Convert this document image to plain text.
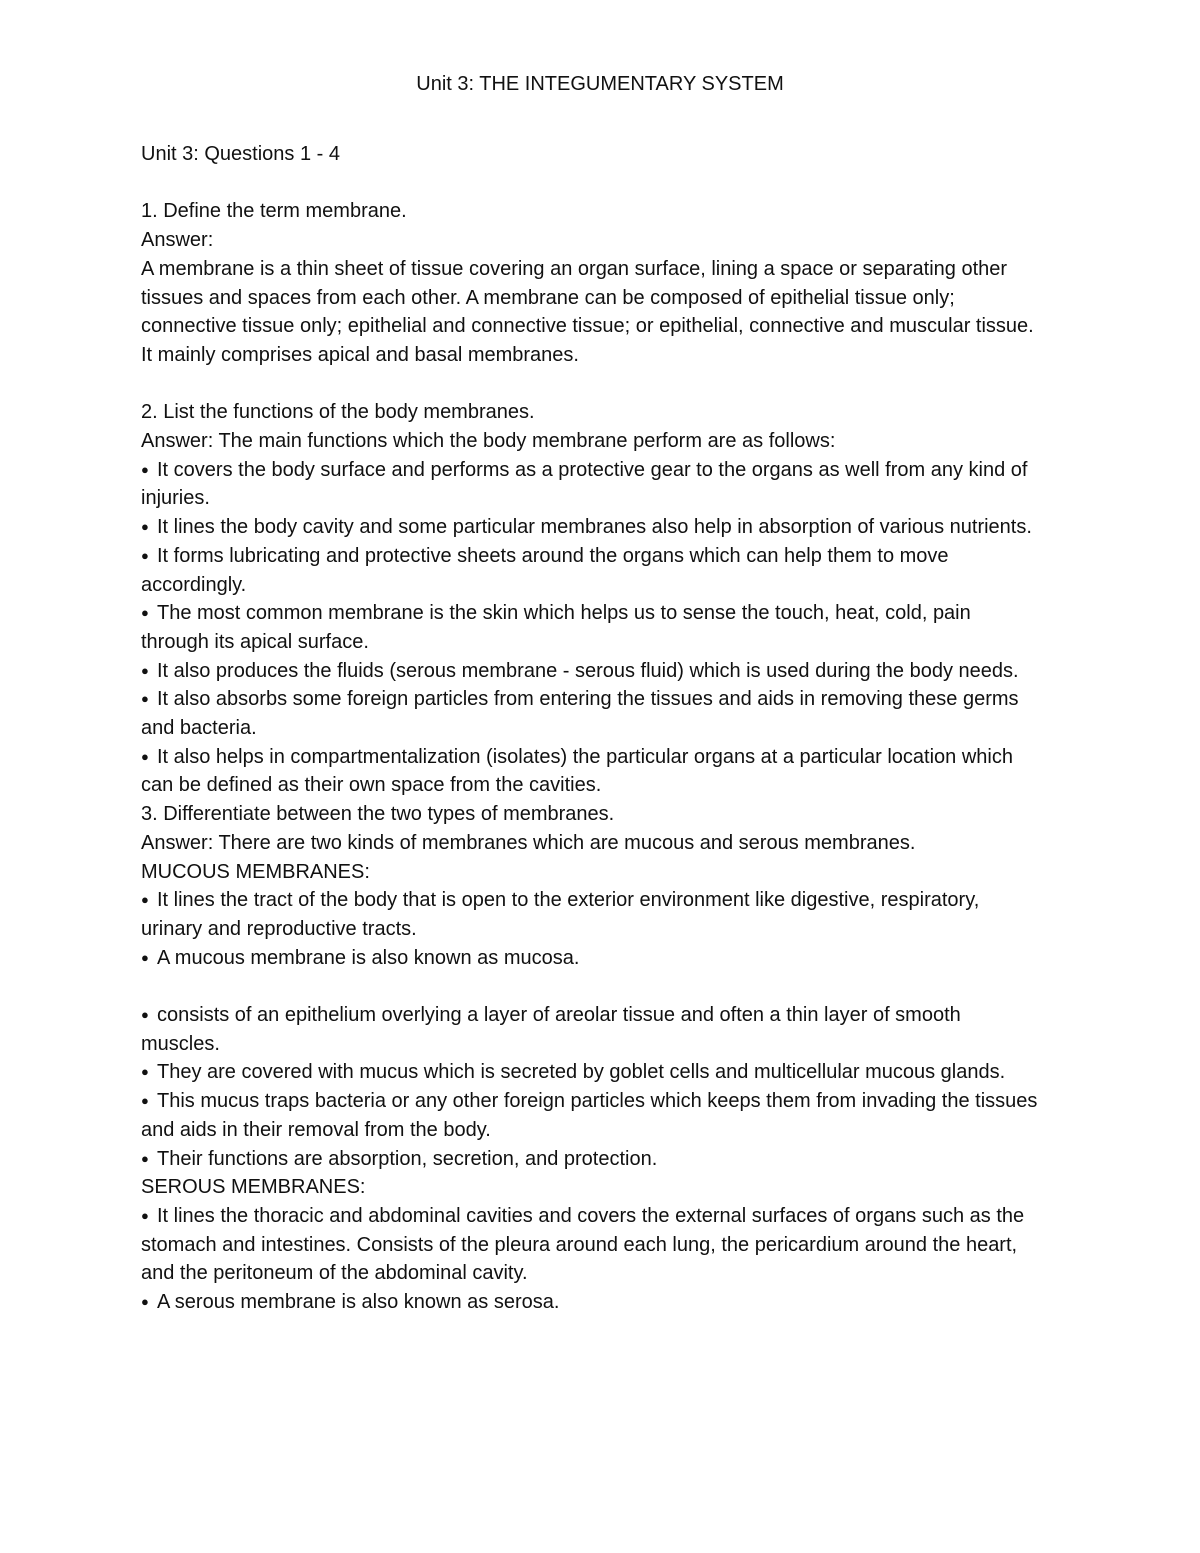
Unit 3: THE INTEGUMENTARY SYSTEM
Unit 3: Questions 1 - 4
1. Define the term membrane.
Answer:
A membrane is a thin sheet of tissue covering an organ surface, lining a space or separating other tissues and spaces from each other. A membrane can be composed of epithelial tissue only; connective tissue only; epithelial and connective tissue; or epithelial, connective and muscular tissue. It mainly comprises apical and basal membranes.
2. List the functions of the body membranes.
Answer: The main functions which the body membrane perform are as follows:
● It covers the body surface and performs as a protective gear to the organs as well from any kind of injuries.
● It lines the body cavity and some particular membranes also help in absorption of various nutrients.
● It forms lubricating and protective sheets around the organs which can help them to move accordingly.
● The most common membrane is the skin which helps us to sense the touch, heat, cold, pain through its apical surface.
● It also produces the fluids (serous membrane - serous fluid) which is used during the body needs.
● It also absorbs some foreign particles from entering the tissues and aids in removing these germs and bacteria.
● It also helps in compartmentalization (isolates) the particular organs at a particular location which can be defined as their own space from the cavities.
3. Differentiate between the two types of membranes.
Answer: There are two kinds of membranes which are mucous and serous membranes.
MUCOUS MEMBRANES:
● It lines the tract of the body that is open to the exterior environment like digestive, respiratory, urinary and reproductive tracts.
● A mucous membrane is also known as mucosa.
● consists of an epithelium overlying a layer of areolar tissue and often a thin layer of smooth muscles.
● They are covered with mucus which is secreted by goblet cells and multicellular mucous glands.
● This mucus traps bacteria or any other foreign particles which keeps them from invading the tissues and aids in their removal from the body.
● Their functions are absorption, secretion, and protection.
SEROUS MEMBRANES:
● It lines the thoracic and abdominal cavities and covers the external surfaces of organs such as the stomach and intestines. Consists of the pleura around each lung, the pericardium around the heart, and the peritoneum of the abdominal cavity.
● A serous membrane is also known as serosa.
